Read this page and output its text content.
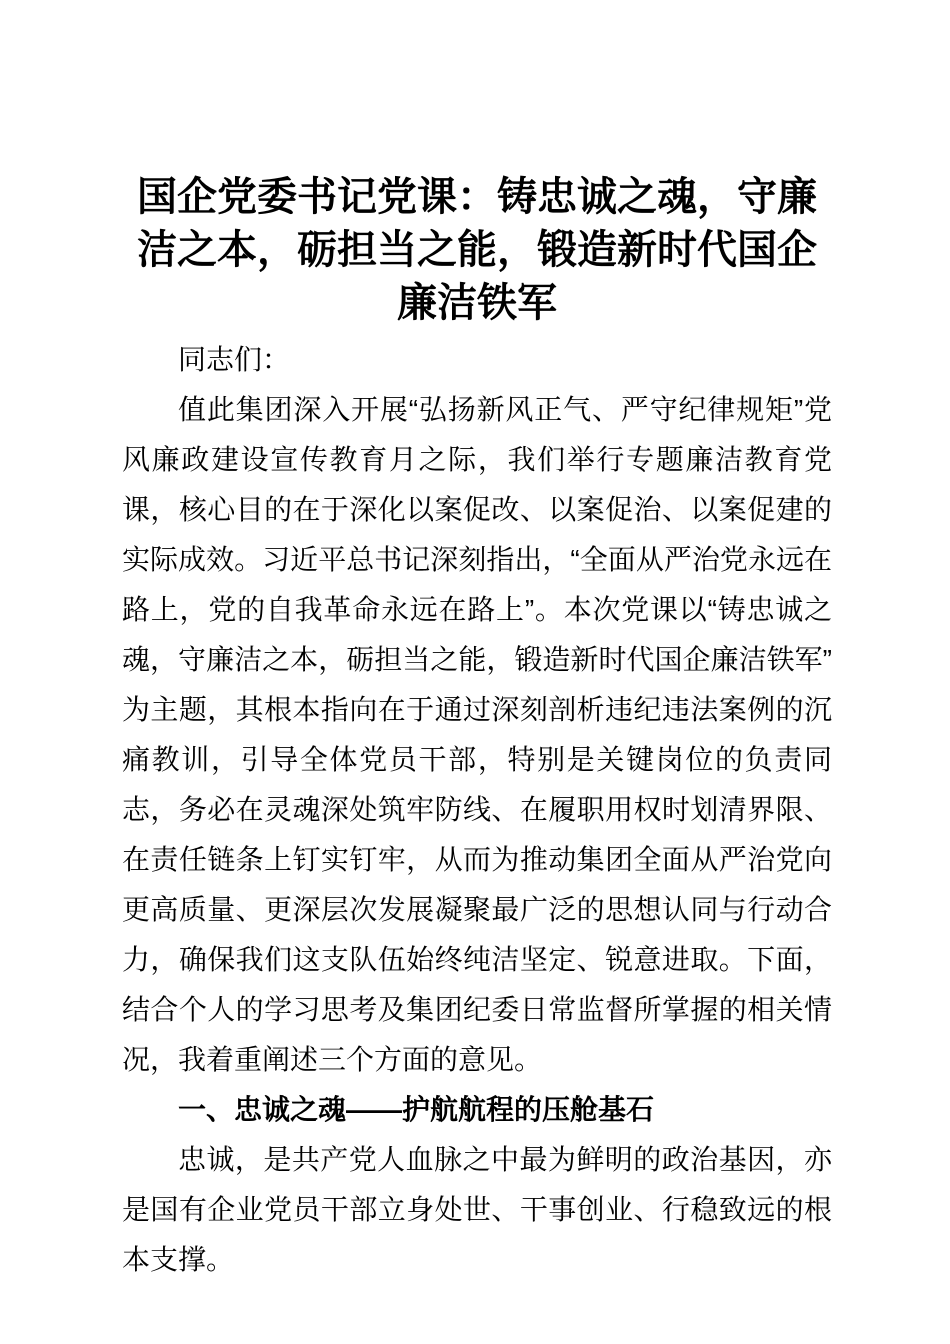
国企党委书记党课：铸忠诚之魂，守廉洁之本，砺担当之能，锻造新时代国企廉洁铁军

同志们：

值此集团深入开展“弘扬新风正气、严守纪律规矩”党风廉政建设宣传教育月之际，我们举行专题廉洁教育党课，核心目的在于深化以案促改、以案促治、以案促建的实际成效。习近平总书记深刻指出，“全面从严治党永远在路上，党的自我革命永远在路上”。本次党课以“铸忠诚之魂，守廉洁之本，砺担当之能，锻造新时代国企廉洁铁军”为主题，其根本指向在于通过深刻剖析违纪违法案例的沉痛教训，引导全体党员干部，特别是关键岗位的负责同志，务必在灵魂深处筑牢防线、在履职用权时划清界限、在责任链条上钉实钉牢，从而为推动集团全面从严治党向更高质量、更深层次发展凝聚最广泛的思想认同与行动合力，确保我们这支队伍始终纯洁坚定、锐意进取。下面，结合个人的学习思考及集团纪委日常监督所掌握的相关情况，我着重阐述三个方面的意见。

一、忠诚之魂——护航航程的压舱基石

忠诚，是共产党人血脉之中最为鲜明的政治基因，亦是国有企业党员干部立身处世、干事创业、行稳致远的根本支撑。
